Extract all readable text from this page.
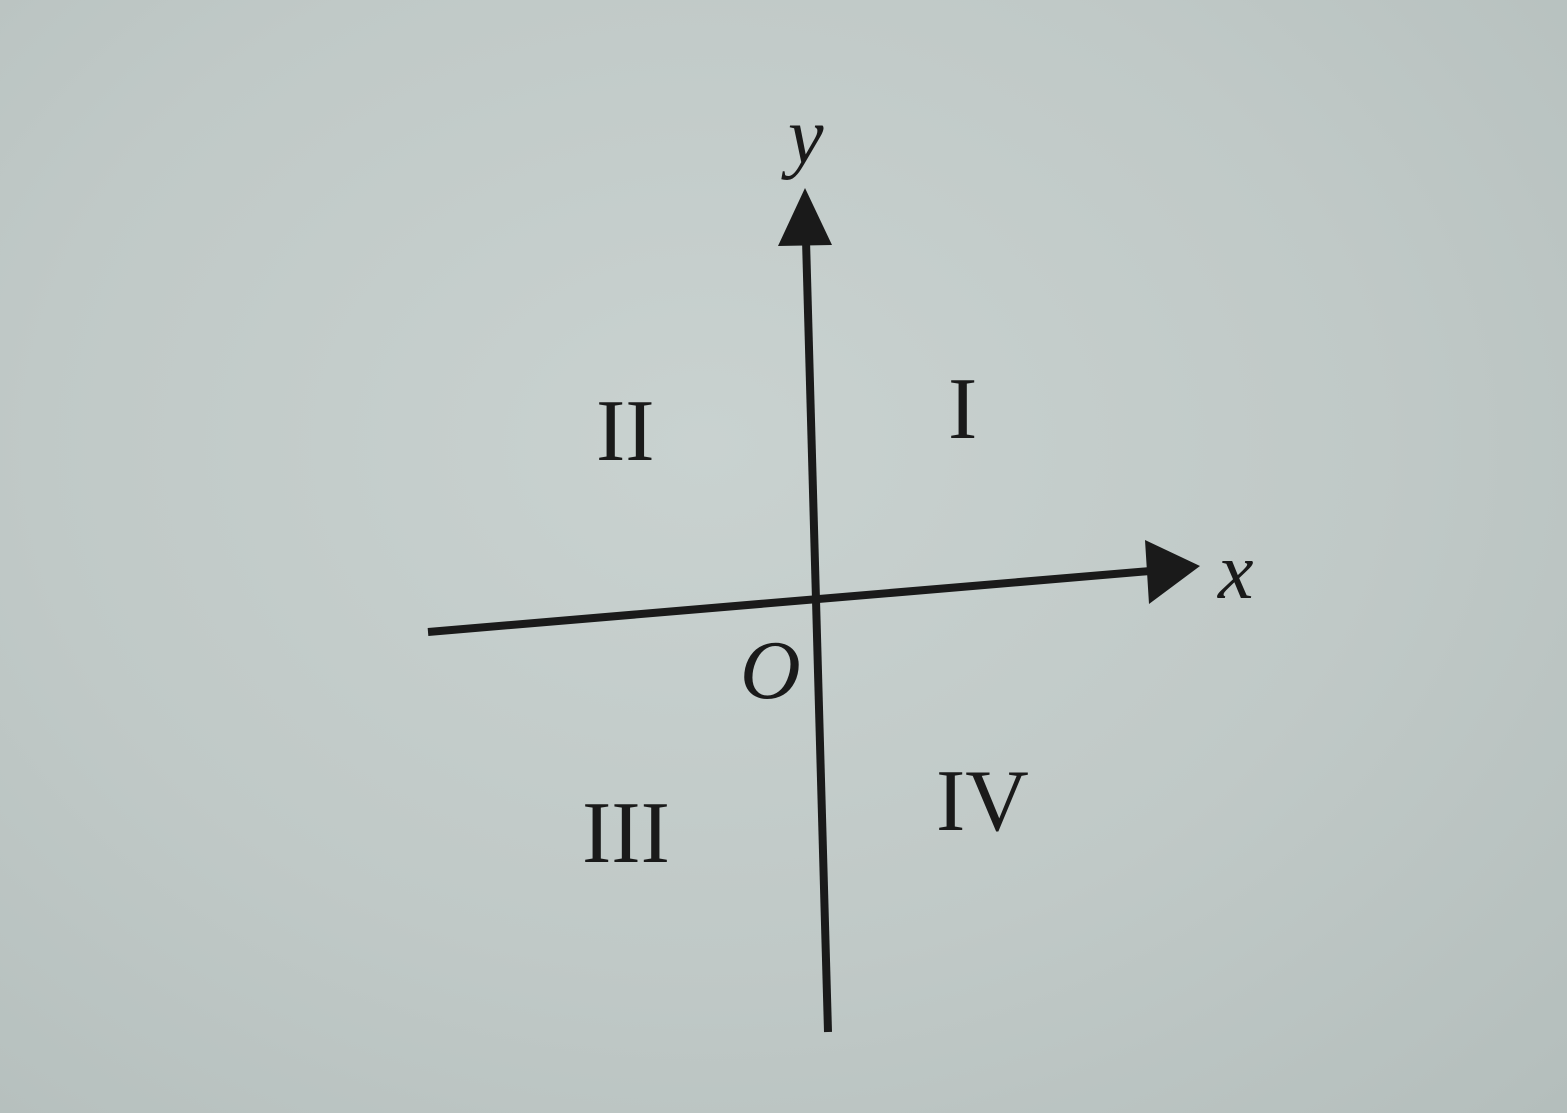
y
x
O
I
II
III	IV
